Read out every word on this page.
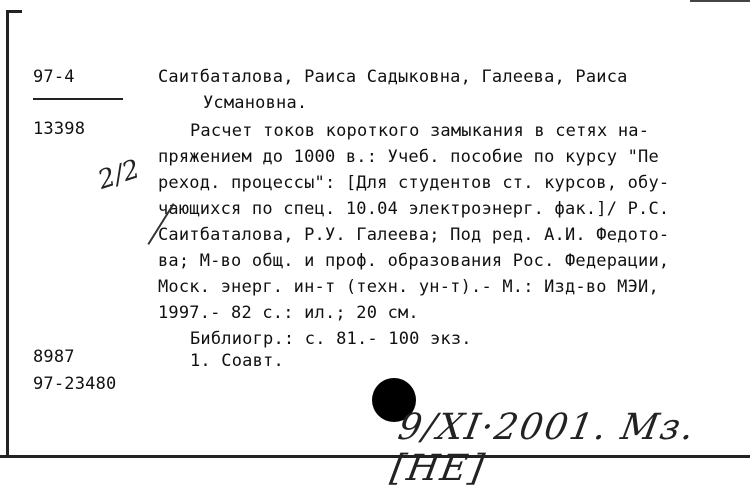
97-4
13398
Саитбаталова, Раиса Садыковна, Галеева, Раиса
Усмановна.
Расчет токов короткого замыкания в сетях на-
пряжением до 1000 в.: Учеб. пособие по курсу "Пе
реход. процессы": [Для студентов ст. курсов, обу-
чающихся по спец. 10.04 электроэнерг. фак.]/ Р.С.
Саитбаталова, Р.У. Галеева; Под ред. А.И. Федото-
ва; М-во общ. и проф. образования Рос. Федерации,
Моск. энерг. ин-т (техн. ун-т).- М.: Изд-во МЭИ,
1997.- 82 с.: ил.; 20 см.
Библиогр.: с. 81.- 100 экз.
8987	1. Соавт.
97-23480
2/2
9/XI·2001. Мз. [НЕ]
